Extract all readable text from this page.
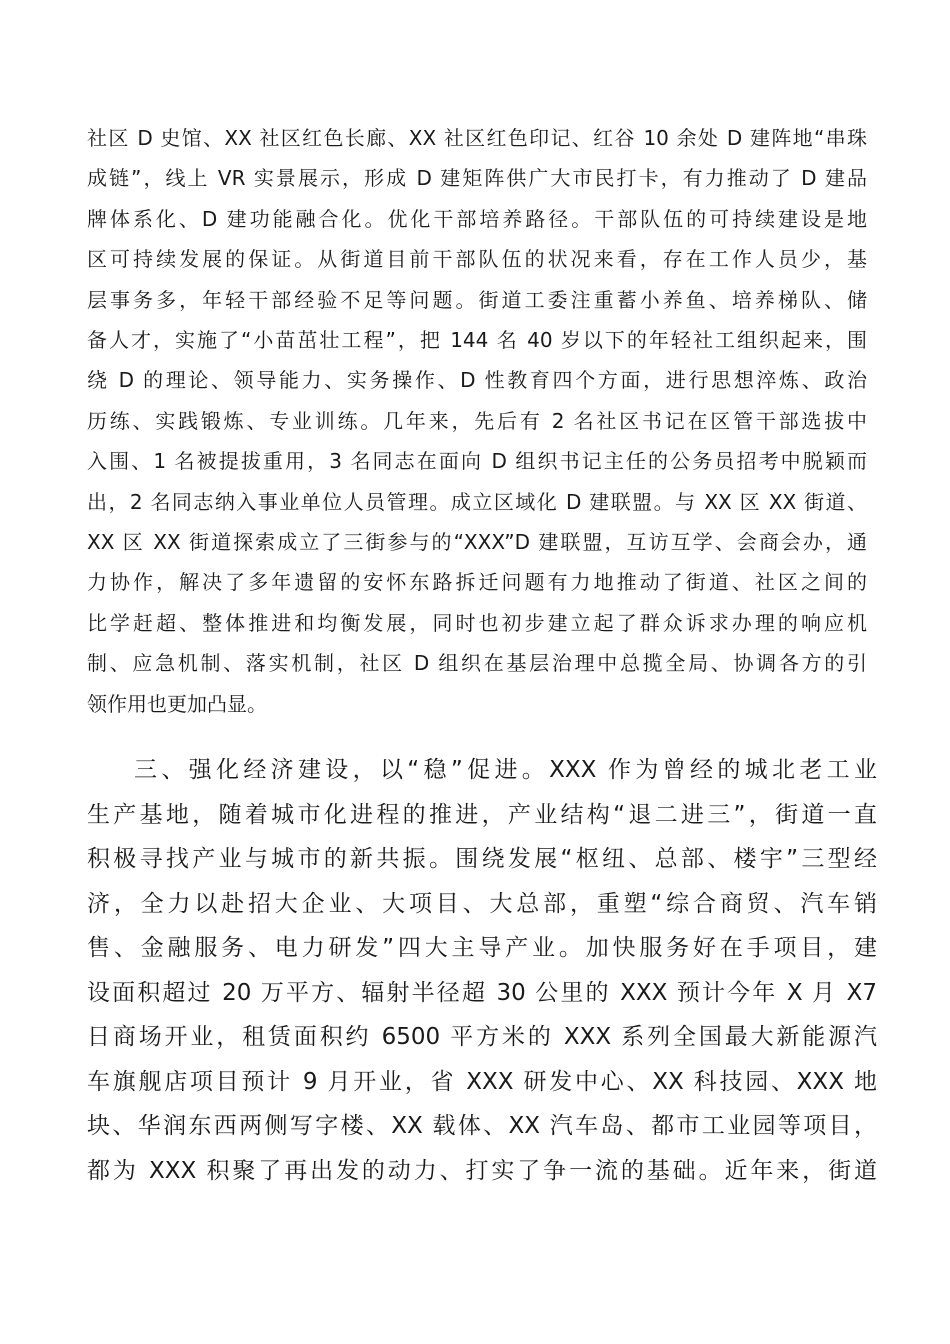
社区 D 史馆、XX 社区红色长廊、XX 社区红色印记、红谷 10 余处 D 建阵地“串珠
成链”，线上 VR 实景展示，形成 D 建矩阵供广大市民打卡，有力推动了 D 建品
牌体系化、D 建功能融合化。优化干部培养路径。干部队伍的可持续建设是地
区可持续发展的保证。从街道目前干部队伍的状况来看，存在工作人员少，基
层事务多，年轻干部经验不足等问题。街道工委注重蓄小养鱼、培养梯队、储
备人才，实施了“小苗茁壮工程”，把 144 名 40 岁以下的年轻社工组织起来，围
绕 D 的理论、领导能力、实务操作、D 性教育四个方面，进行思想淬炼、政治
历练、实践锻炼、专业训练。几年来，先后有 2 名社区书记在区管干部选拔中
入围、1 名被提拔重用，3 名同志在面向 D 组织书记主任的公务员招考中脱颖而
出，2 名同志纳入事业单位人员管理。成立区域化 D 建联盟。与 XX 区 XX 街道、
XX 区 XX 街道探索成立了三街参与的“XXX”D 建联盟，互访互学、会商会办，通
力协作，解决了多年遗留的安怀东路拆迁问题有力地推动了街道、社区之间的
比学赶超、整体推进和均衡发展，同时也初步建立起了群众诉求办理的响应机
制、应急机制、落实机制，社区 D 组织在基层治理中总揽全局、协调各方的引
领作用也更加凸显。
三、强化经济建设，以“稳”促进。XXX 作为曾经的城北老工业
生产基地，随着城市化进程的推进，产业结构“退二进三”，街道一直
积极寻找产业与城市的新共振。围绕发展“枢纽、总部、楼宇”三型经
济，全力以赴招大企业、大项目、大总部，重塑“综合商贸、汽车销
售、金融服务、电力研发”四大主导产业。加快服务好在手项目，建
设面积超过 20 万平方、辐射半径超 30 公里的 XXX 预计今年 X 月 X7
日商场开业，租赁面积约 6500 平方米的 XXX 系列全国最大新能源汽
车旗舰店项目预计 9 月开业，省 XXX 研发中心、XX 科技园、XXX 地
块、华润东西两侧写字楼、XX 载体、XX 汽车岛、都市工业园等项目，
都为 XXX 积聚了再出发的动力、打实了争一流的基础。近年来，街道
